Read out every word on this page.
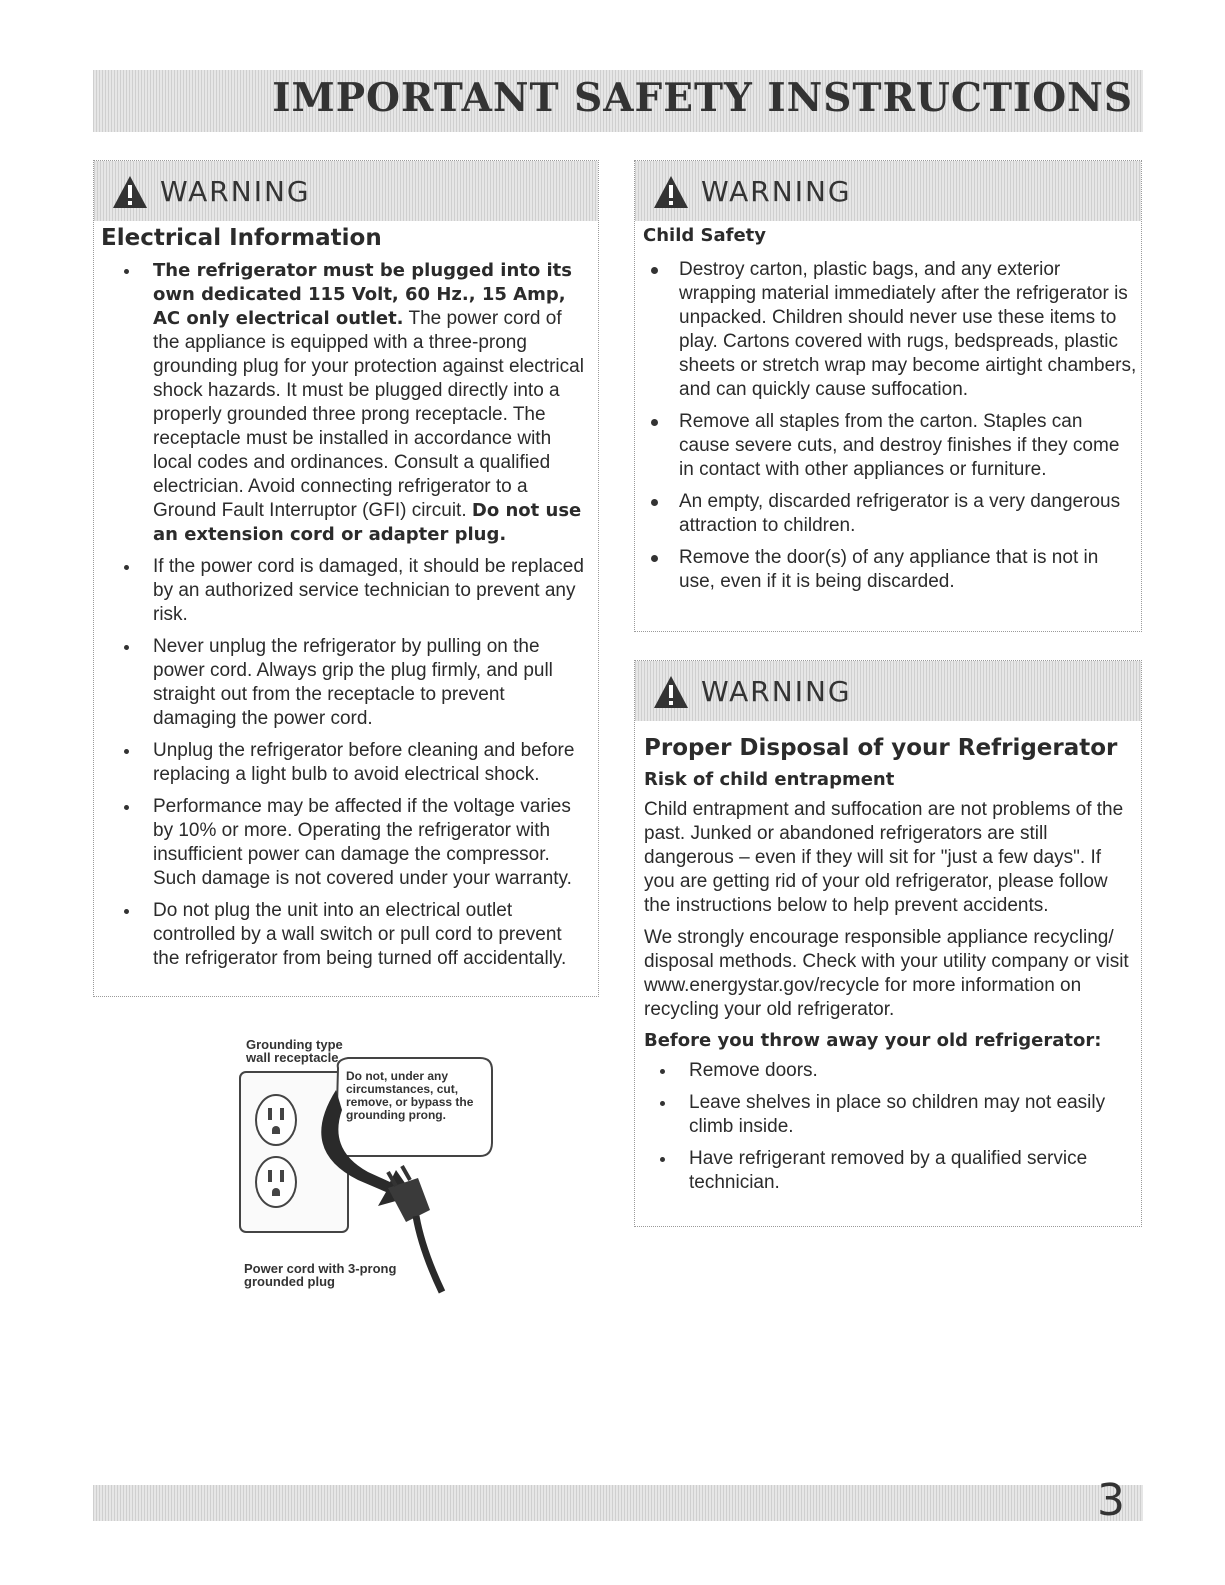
IMPORTANT SAFETY INSTRUCTIONS
WARNING
Electrical Information
The refrigerator must be plugged into its own dedicated 115 Volt, 60 Hz., 15 Amp, AC only electrical outlet. The power cord of the appliance is equipped with a three-prong grounding plug for your protection against electrical shock hazards. It must be plugged directly into a properly grounded three prong receptacle. The receptacle must be installed in accordance with local codes and ordinances. Consult a qualified electrician. Avoid connecting refrigerator to a Ground Fault Interruptor (GFI) circuit. Do not use an extension cord or adapter plug.
If the power cord is damaged, it should be replaced by an authorized service technician to prevent any risk.
Never unplug the refrigerator by pulling on the power cord. Always grip the plug firmly, and pull straight out from the receptacle to prevent damaging the power cord.
Unplug the refrigerator before cleaning and before replacing a light bulb to avoid electrical shock.
Performance may be affected if the voltage varies by 10% or more. Operating the refrigerator with insufficient power can damage the compressor. Such damage is not covered under your warranty.
Do not plug the unit into an electrical outlet controlled by a wall switch or pull cord to prevent the refrigerator from being turned off accidentally.
Grounding type wall receptacle
Do not, under any circumstances, cut, remove, or bypass the grounding prong.
Power cord with 3-prong grounded plug
WARNING
Child Safety
Destroy carton, plastic bags, and any exterior wrapping material immediately after the refrigerator is unpacked. Children should never use these items to play. Cartons covered with rugs, bedspreads, plastic sheets or stretch wrap may become airtight chambers, and can quickly cause suffocation.
Remove all staples from the carton. Staples can cause severe cuts, and destroy finishes if they come in contact with other appliances or furniture.
An empty, discarded refrigerator is a very dangerous attraction to children.
Remove the door(s) of any appliance that is not in use, even if it is being discarded.
WARNING
Proper Disposal of your Refrigerator
Risk of child entrapment

Child entrapment and suffocation are not problems of the past. Junked or abandoned refrigerators are still dangerous – even if they will sit for "just a few days". If you are getting rid of your old refrigerator, please follow the instructions below to help prevent accidents.

We strongly encourage responsible appliance recycling/ disposal methods. Check with your utility company or visit www.energystar.gov/recycle for more information on recycling your old refrigerator.

Before you throw away your old refrigerator:
Remove doors.
Leave shelves in place so children may not easily climb inside.
Have refrigerant removed by a qualified service technician.
3
